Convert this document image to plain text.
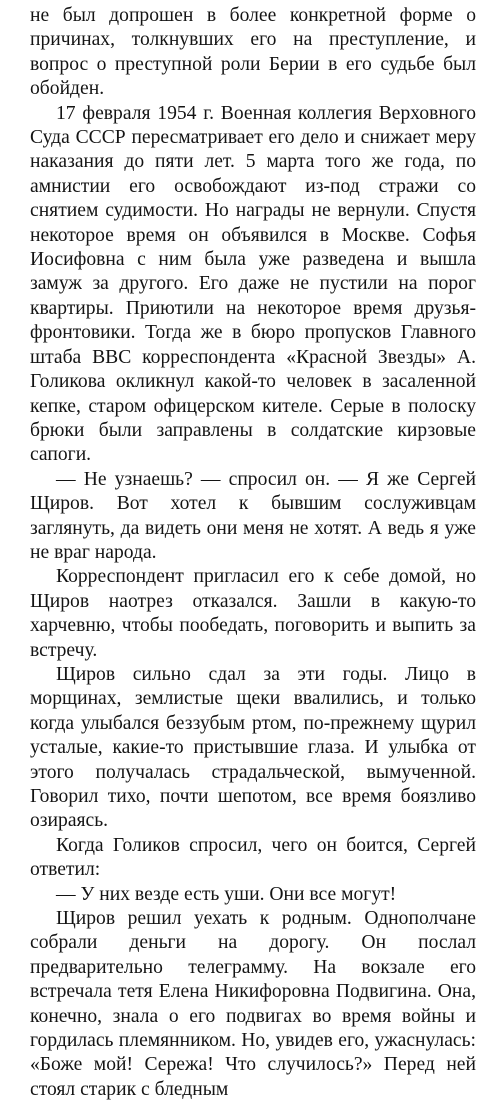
не был допрошен в более конкретной форме о причинах, толкнувших его на преступление, и вопрос о преступной роли Берии в его судьбе был обойден.

17 февраля 1954 г. Военная коллегия Верховного Суда СССР пересматривает его дело и снижает меру наказания до пяти лет. 5 марта того же года, по амнистии его освобождают из-под стражи со снятием судимости. Но награды не вернули. Спустя некоторое время он объявился в Москве. Софья Иосифовна с ним была уже разведена и вышла замуж за другого. Его даже не пустили на порог квартиры. Приютили на некоторое время друзья-фронтовики. Тогда же в бюро пропусков Главного штаба ВВС корреспондента «Красной Звезды» А. Голикова окликнул какой-то человек в засаленной кепке, старом офицерском кителе. Серые в полоску брюки были заправлены в солдатские кирзовые сапоги.

— Не узнаешь? — спросил он. — Я же Сергей Щиров. Вот хотел к бывшим сослуживцам заглянуть, да видеть они меня не хотят. А ведь я уже не враг народа.

Корреспондент пригласил его к себе домой, но Щиров наотрез отказался. Зашли в какую-то харчевню, чтобы пообедать, поговорить и выпить за встречу.

Щиров сильно сдал за эти годы. Лицо в морщинах, землистые щеки ввалились, и только когда улыбался беззубым ртом, по-прежнему щурил усталые, какие-то пристывшие глаза. И улыбка от этого получалась страдальческой, вымученной. Говорил тихо, почти шепотом, все время боязливо озираясь.

Когда Голиков спросил, чего он боится, Сергей ответил:

— У них везде есть уши. Они все могут!

Щиров решил уехать к родным. Однополчане собрали деньги на дорогу. Он послал предварительно телеграмму. На вокзале его встречала тетя Елена Никифоровна Подвигина. Она, конечно, знала о его подвигах во время войны и гордилась племянником. Но, увидев его, ужаснулась: «Боже мой! Сережа! Что случилось?» Перед ней стоял старик с бледным
